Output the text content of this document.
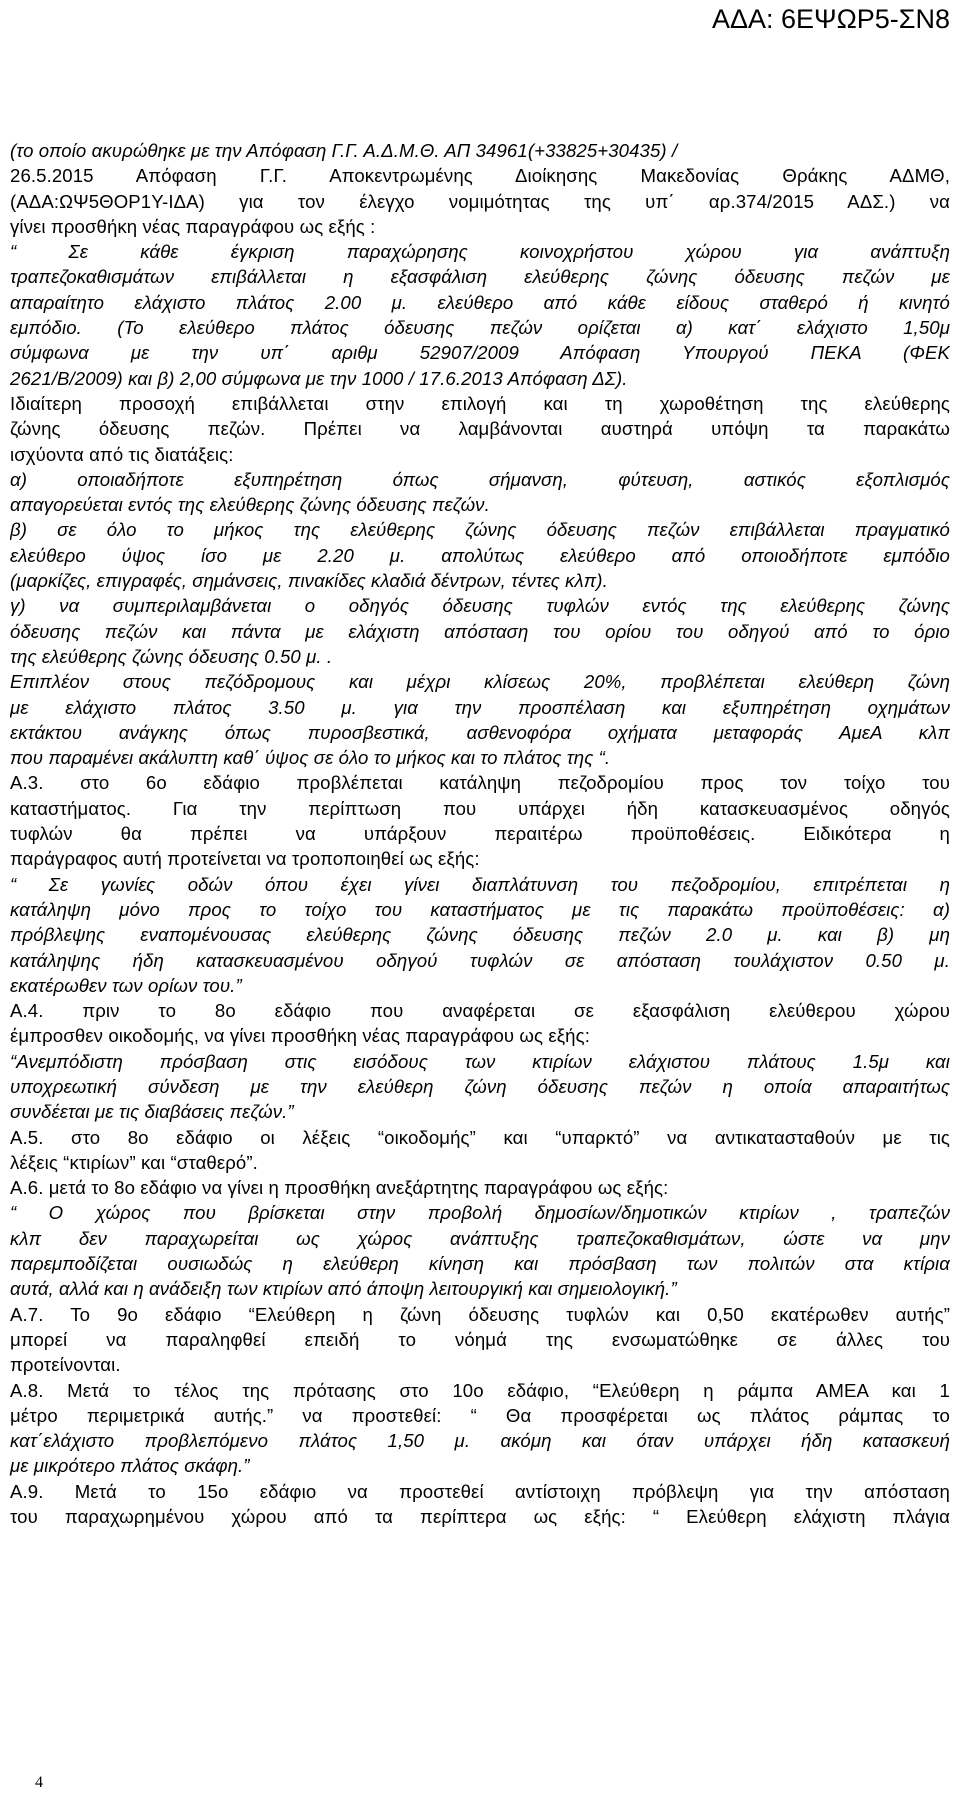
ΑΔΑ: 6ΕΨΩΡ5-ΣΝ8
(το οποίο ακυρώθηκε με την Απόφαση Γ.Γ. Α.Δ.Μ.Θ. ΑΠ 34961(+33825+30435) /
26.5.2015 Απόφαση Γ.Γ. Αποκεντρωμένης Διοίκησης Μακεδονίας Θράκης ΑΔΜΘ,
(ΑΔΑ:ΩΨ5ΘΟΡ1Υ-ΙΔΑ) για τον έλεγχο νομιμότητας της υπ΄ αρ.374/2015 ΑΔΣ.) να
γίνει προσθήκη νέας παραγράφου ως εξής :
“ Σε κάθε έγκριση παραχώρησης κοινοχρήστου χώρου για ανάπτυξη
τραπεζοκαθισμάτων επιβάλλεται η εξασφάλιση ελεύθερης ζώνης όδευσης πεζών με
απαραίτητο ελάχιστο πλάτος 2.00 μ. ελεύθερο από κάθε είδους σταθερό ή κινητό
εμπόδιο. (Το ελεύθερο πλάτος όδευσης πεζών ορίζεται α) κατ΄ ελάχιστο 1,50μ
σύμφωνα με την υπ΄ αριθμ 52907/2009 Απόφαση Υπουργού ΠΕΚΑ (ΦΕΚ
2621/Β/2009) και β) 2,00 σύμφωνα με την 1000 / 17.6.2013 Απόφαση ΔΣ).
Ιδιαίτερη προσοχή επιβάλλεται στην επιλογή και τη χωροθέτηση της ελεύθερης
ζώνης όδευσης πεζών. Πρέπει να λαμβάνονται αυστηρά υπόψη τα παρακάτω
ισχύοντα από τις διατάξεις:
α) οποιαδήποτε εξυπηρέτηση όπως σήμανση, φύτευση, αστικός εξοπλισμός
απαγορεύεται εντός της ελεύθερης ζώνης όδευσης πεζών.
β) σε όλο το μήκος της ελεύθερης ζώνης όδευσης πεζών επιβάλλεται πραγματικό
ελεύθερο ύψος ίσο με 2.20 μ. απολύτως ελεύθερο από οποιοδήποτε εμπόδιο
(μαρκίζες, επιγραφές, σημάνσεις, πινακίδες κλαδιά δέντρων, τέντες κλπ).
γ) να συμπεριλαμβάνεται ο οδηγός όδευσης τυφλών εντός της ελεύθερης ζώνης
όδευσης πεζών και πάντα με ελάχιστη απόσταση του ορίου του οδηγού από το όριο
της ελεύθερης ζώνης όδευσης 0.50 μ. .
Επιπλέον στους πεζόδρομους και μέχρι κλίσεως 20%, προβλέπεται ελεύθερη ζώνη
με ελάχιστο πλάτος 3.50 μ. για την προσπέλαση και εξυπηρέτηση οχημάτων
εκτάκτου ανάγκης όπως πυροσβεστικά, ασθενοφόρα οχήματα μεταφοράς ΑμεΑ κλπ
που παραμένει ακάλυπτη καθ΄ ύψος σε όλο το μήκος και το πλάτος της “.
Α.3. στο 6ο εδάφιο προβλέπεται κατάληψη πεζοδρομίου προς τον τοίχο του
καταστήματος. Για την περίπτωση που υπάρχει ήδη κατασκευασμένος οδηγός
τυφλών θα πρέπει να υπάρξουν περαιτέρω προϋποθέσεις. Ειδικότερα η
παράγραφος αυτή προτείνεται να τροποποιηθεί ως εξής:
“ Σε γωνίες οδών όπου έχει γίνει διαπλάτυνση του πεζοδρομίου, επιτρέπεται η
κατάληψη μόνο προς το τοίχο του καταστήματος με τις παρακάτω προϋποθέσεις: α)
πρόβλεψης εναπομένουσας ελεύθερης ζώνης όδευσης πεζών 2.0 μ. και β) μη
κατάληψης ήδη κατασκευασμένου οδηγού τυφλών σε απόσταση τουλάχιστον 0.50 μ.
εκατέρωθεν των ορίων του.”
Α.4. πριν το 8ο εδάφιο που αναφέρεται σε εξασφάλιση ελεύθερου χώρου
έμπροσθεν οικοδομής, να γίνει προσθήκη νέας παραγράφου ως εξής:
“Ανεμπόδιστη πρόσβαση στις εισόδους των κτιρίων ελάχιστου πλάτους 1.5μ και
υποχρεωτική σύνδεση με την ελεύθερη ζώνη όδευσης πεζών η οποία απαραιτήτως
συνδέεται με τις διαβάσεις πεζών.”
Α.5. στο 8ο εδάφιο οι λέξεις “οικοδομής” και “υπαρκτό” να αντικατασταθούν με τις
λέξεις “κτιρίων” και “σταθερό”.
Α.6. μετά το 8ο εδάφιο να γίνει η προσθήκη ανεξάρτητης παραγράφου ως εξής:
“ Ο χώρος που βρίσκεται στην προβολή δημοσίων/δημοτικών κτιρίων , τραπεζών
κλπ δεν παραχωρείται ως χώρος ανάπτυξης τραπεζοκαθισμάτων, ώστε να μην
παρεμποδίζεται ουσιωδώς η ελεύθερη κίνηση και πρόσβαση των πολιτών στα κτίρια
αυτά, αλλά και η ανάδειξη των κτιρίων από άποψη λειτουργική και σημειολογική.”
Α.7. Το 9ο εδάφιο “Ελεύθερη η ζώνη όδευσης τυφλών και 0,50 εκατέρωθεν αυτής”
μπορεί να παραληφθεί επειδή το νόημά της ενσωματώθηκε σε άλλες του
προτείνονται.
Α.8. Μετά το τέλος της πρότασης στο 10ο εδάφιο, “Ελεύθερη η ράμπα ΑΜΕΑ και 1
μέτρο περιμετρικά αυτής.” να προστεθεί: “ Θα προσφέρεται ως πλάτος ράμπας το
κατ΄ελάχιστο προβλεπόμενο πλάτος 1,50 μ. ακόμη και όταν υπάρχει ήδη κατασκευή
με μικρότερο πλάτος σκάφη.”
Α.9. Μετά το 15ο εδάφιο να προστεθεί αντίστοιχη πρόβλεψη για την απόσταση
του παραχωρημένου χώρου από τα περίπτερα ως εξής: “ Ελεύθερη ελάχιστη πλάγια
4
